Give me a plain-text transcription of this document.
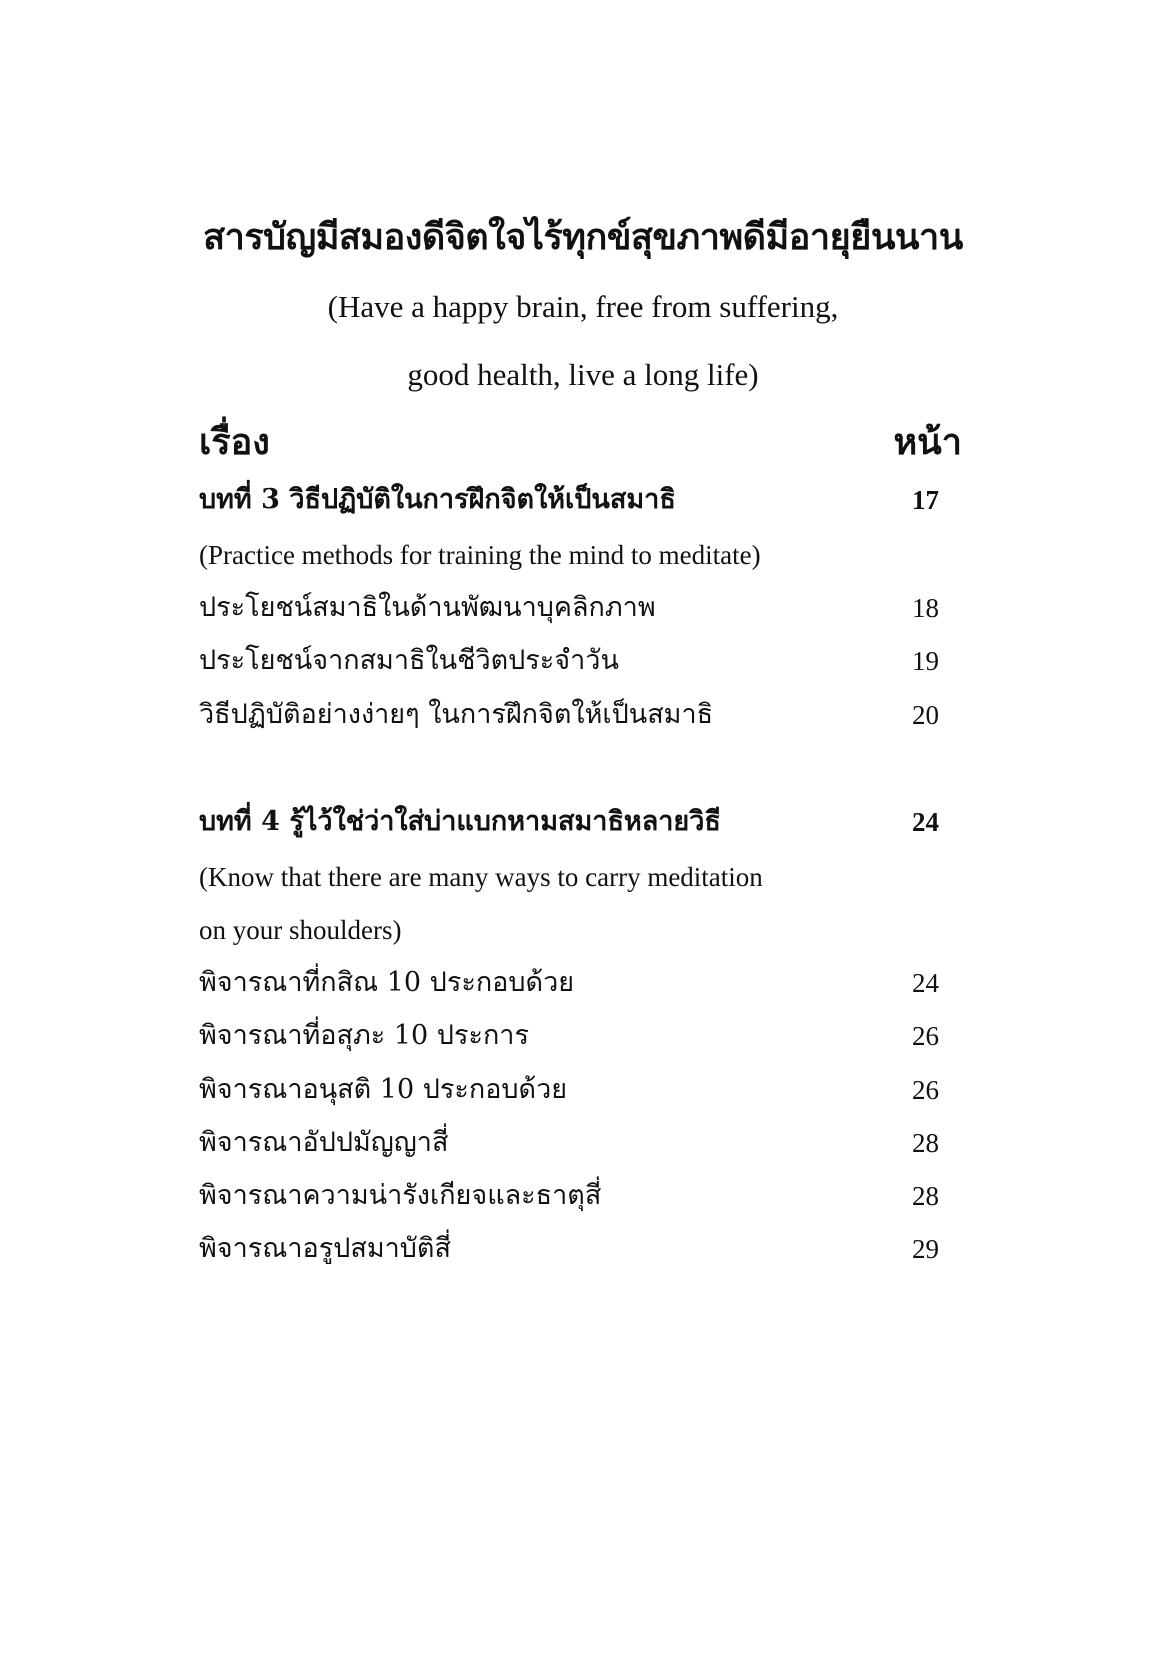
สารบัญมีสมองดีจิตใจไร้ทุกข์สุขภาพดีมีอายุยืนนาน
(Have a happy brain, free from suffering,
good health, live a long life)
เรื่อง	หน้า
บทที่ 3 วิธีปฏิบัติในการฝึกจิตให้เป็นสมาธิ	17
(Practice methods for training the mind to meditate)
ประโยชน์สมาธิในด้านพัฒนาบุคลิกภาพ	18
ประโยชน์จากสมาธิในชีวิตประจำวัน	19
วิธีปฏิบัติอย่างง่ายๆ ในการฝึกจิตให้เป็นสมาธิ	20
บทที่ 4 รู้ไว้ใช่ว่าใส่บ่าแบกหามสมาธิหลายวิธี	24
(Know that there are many ways to carry meditation
on your shoulders)
พิจารณาที่กสิณ 10 ประกอบด้วย	24
พิจารณาที่อสุภะ 10 ประการ	26
พิจารณาอนุสติ 10 ประกอบด้วย	26
พิจารณาอัปปมัญญาสี่	28
พิจารณาความน่ารังเกียจและธาตุสี่	28
พิจารณาอรูปสมาบัติสี่	29
